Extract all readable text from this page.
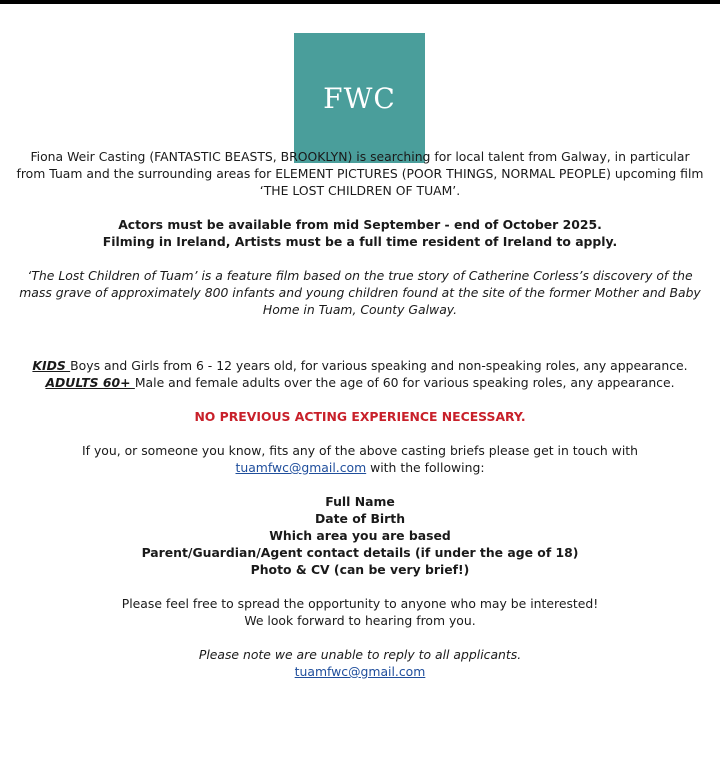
FWC
Fiona Weir Casting (FANTASTIC BEASTS, BROOKLYN) is searching for local talent from Galway, in particular
from Tuam and the surrounding areas for ELEMENT PICTURES (POOR THINGS, NORMAL PEOPLE) upcoming film
‘THE LOST CHILDREN OF TUAM’.
Actors must be available from mid September - end of October 2025.
Filming in Ireland, Artists must be a full time resident of Ireland to apply.
‘The Lost Children of Tuam’ is a feature film based on the true story of Catherine Corless’s discovery of the
mass grave of approximately 800 infants and young children found at the site of the former Mother and Baby
Home in Tuam, County Galway.
KIDS Boys and Girls from 6 - 12 years old, for various speaking and non-speaking roles, any appearance.
ADULTS 60+ Male and female adults over the age of 60 for various speaking roles, any appearance.
NO PREVIOUS ACTING EXPERIENCE NECESSARY.
If you, or someone you know, fits any of the above casting briefs please get in touch with
tuamfwc@gmail.com with the following:
Full Name
Date of Birth
Which area you are based
Parent/Guardian/Agent contact details (if under the age of 18)
Photo & CV (can be very brief!)
Please feel free to spread the opportunity to anyone who may be interested!
We look forward to hearing from you.
Please note we are unable to reply to all applicants.
tuamfwc@gmail.com
